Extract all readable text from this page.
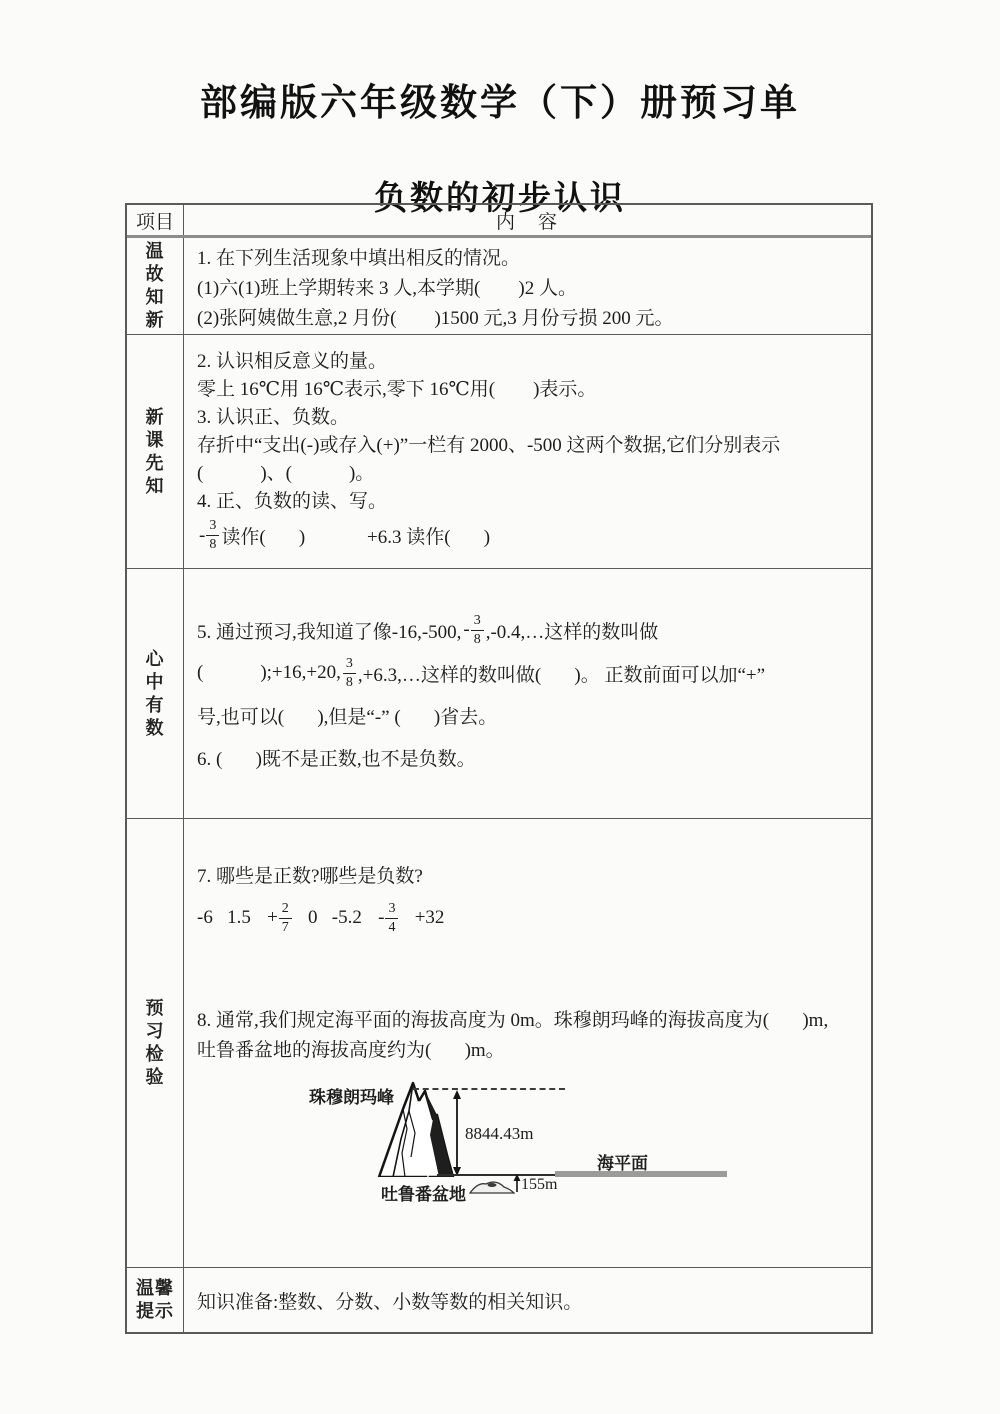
部编版六年级数学（下）册预习单
负数的初步认识
项目	内　容
温
故
知
新
1. 在下列生活现象中填出相反的情况。
(1)六(1)班上学期转来 3 人,本学期(        )2 人。
(2)张阿姨做生意,2 月份(        )1500 元,3 月份亏损 200 元。
新
课
先
知
2. 认识相反意义的量。
零上 16℃用 16℃表示,零下 16℃用(        )表示。
3. 认识正、负数。
存折中“支出(-)或存入(+)”一栏有 2000、-500 这两个数据,它们分别表示
(            )、(            )。
4. 正、负数的读、写。
- 3
8 读作(       )             +6.3 读作(       )
心
中
有
数
5. 通过预习,我知道了像-16,-500, - 3
8 ,-0.4,…这样的数叫做
(            );+16,+20, 3
8 ,+6.3,…这样的数叫做(       )。 正数前面可以加“+”
号,也可以(       ),但是“-” (       )省去。
6. (       )既不是正数,也不是负数。
预
习
检
验
7. 哪些是正数?哪些是负数?
-6   $1.5 + \frac{2}{7} 0$   -5.2 - 3
4 +32
8. 通常,我们规定海平面的海拔高度为 0m。珠穆朗玛峰的海拔高度为(       )m,
吐鲁番盆地的海拔高度约为(       )m。
珠穆朗玛峰
8844.43m
海平面
吐鲁番盆地
155m
温馨
提示 知识准备:整数、分数、小数等数的相关知识。
